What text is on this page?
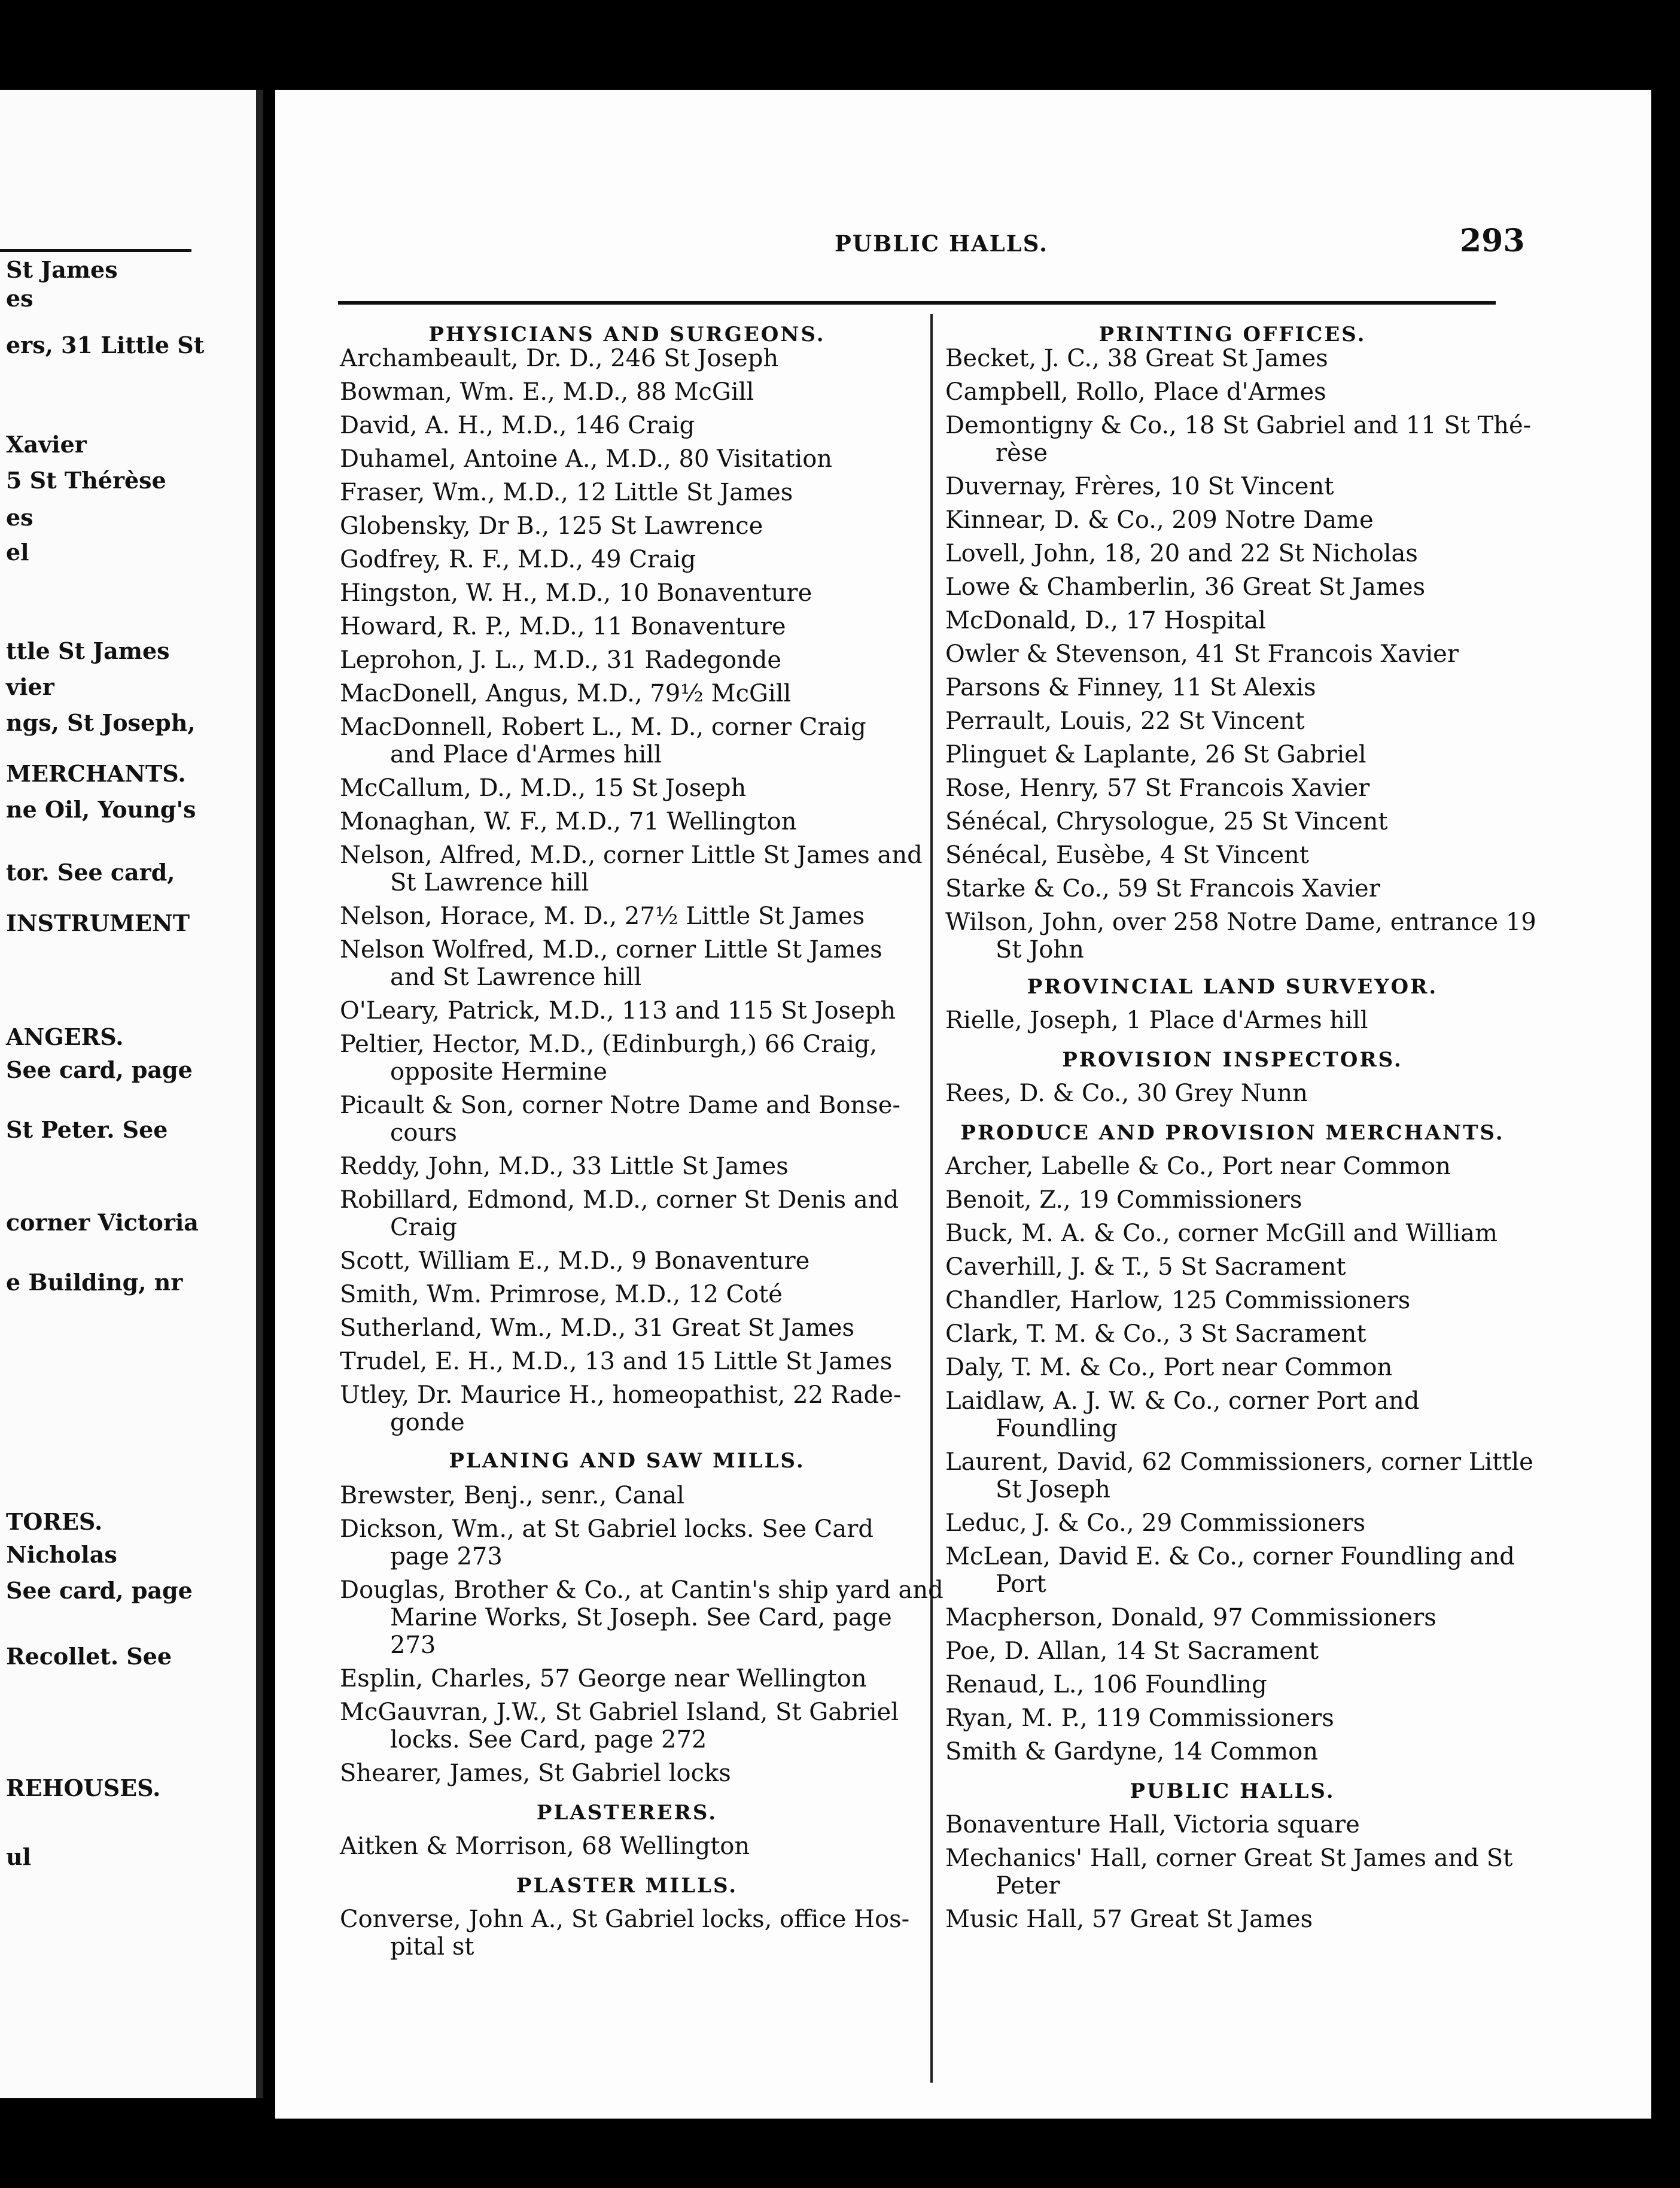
St James
es
ers, 31 Little St
Xavier
5 St Thérèse
es
el
ttle St James
vier
ngs, St Joseph,
MERCHANTS.
ne Oil, Young's
tor. See card,
INSTRUMENT
ANGERS.
See card, page
St Peter. See
corner Victoria
e Building, nr
TORES.
Nicholas
See card, page
Recollet. See
REHOUSES.
ul
PUBLIC HALLS.	293
PHYSICIANS AND SURGEONS.
Archambeault, Dr. D., 246 St Joseph
Bowman, Wm. E., M.D., 88 McGill
David, A. H., M.D., 146 Craig
Duhamel, Antoine A., M.D., 80 Visitation
Fraser, Wm., M.D., 12 Little St James
Globensky, Dr B., 125 St Lawrence
Godfrey, R. F., M.D., 49 Craig
Hingston, W. H., M.D., 10 Bonaventure
Howard, R. P., M.D., 11 Bonaventure
Leprohon, J. L., M.D., 31 Radegonde
MacDonell, Angus, M.D., 79½ McGill
MacDonnell, Robert L., M. D., corner Craig
and Place d'Armes hill
McCallum, D., M.D., 15 St Joseph
Monaghan, W. F., M.D., 71 Wellington
Nelson, Alfred, M.D., corner Little St James and
St Lawrence hill
Nelson, Horace, M. D., 27½ Little St James
Nelson Wolfred, M.D., corner Little St James
and St Lawrence hill
O'Leary, Patrick, M.D., 113 and 115 St Joseph
Peltier, Hector, M.D., (Edinburgh,) 66 Craig,
opposite Hermine
Picault & Son, corner Notre Dame and Bonse-
cours
Reddy, John, M.D., 33 Little St James
Robillard, Edmond, M.D., corner St Denis and
Craig
Scott, William E., M.D., 9 Bonaventure
Smith, Wm. Primrose, M.D., 12 Coté
Sutherland, Wm., M.D., 31 Great St James
Trudel, E. H., M.D., 13 and 15 Little St James
Utley, Dr. Maurice H., homeopathist, 22 Rade-
gonde
PLANING AND SAW MILLS.
Brewster, Benj., senr., Canal
Dickson, Wm., at St Gabriel locks. See Card
page 273
Douglas, Brother & Co., at Cantin's ship yard and
Marine Works, St Joseph. See Card, page
273
Esplin, Charles, 57 George near Wellington
McGauvran, J.W., St Gabriel Island, St Gabriel
locks. See Card, page 272
Shearer, James, St Gabriel locks
PLASTERERS.
Aitken & Morrison, 68 Wellington
PLASTER MILLS.
Converse, John A., St Gabriel locks, office Hos-
pital st
PRINTING OFFICES.
Becket, J. C., 38 Great St James
Campbell, Rollo, Place d'Armes
Demontigny & Co., 18 St Gabriel and 11 St Thé-
rèse
Duvernay, Frères, 10 St Vincent
Kinnear, D. & Co., 209 Notre Dame
Lovell, John, 18, 20 and 22 St Nicholas
Lowe & Chamberlin, 36 Great St James
McDonald, D., 17 Hospital
Owler & Stevenson, 41 St Francois Xavier
Parsons & Finney, 11 St Alexis
Perrault, Louis, 22 St Vincent
Plinguet & Laplante, 26 St Gabriel
Rose, Henry, 57 St Francois Xavier
Sénécal, Chrysologue, 25 St Vincent
Sénécal, Eusèbe, 4 St Vincent
Starke & Co., 59 St Francois Xavier
Wilson, John, over 258 Notre Dame, entrance 19
St John
PROVINCIAL LAND SURVEYOR.
Rielle, Joseph, 1 Place d'Armes hill
PROVISION INSPECTORS.
Rees, D. & Co., 30 Grey Nunn
PRODUCE AND PROVISION MERCHANTS.
Archer, Labelle & Co., Port near Common
Benoit, Z., 19 Commissioners
Buck, M. A. & Co., corner McGill and William
Caverhill, J. & T., 5 St Sacrament
Chandler, Harlow, 125 Commissioners
Clark, T. M. & Co., 3 St Sacrament
Daly, T. M. & Co., Port near Common
Laidlaw, A. J. W. & Co., corner Port and
Foundling
Laurent, David, 62 Commissioners, corner Little
St Joseph
Leduc, J. & Co., 29 Commissioners
McLean, David E. & Co., corner Foundling and
Port
Macpherson, Donald, 97 Commissioners
Poe, D. Allan, 14 St Sacrament
Renaud, L., 106 Foundling
Ryan, M. P., 119 Commissioners
Smith & Gardyne, 14 Common
PUBLIC HALLS.
Bonaventure Hall, Victoria square
Mechanics' Hall, corner Great St James and St
Peter
Music Hall, 57 Great St James
